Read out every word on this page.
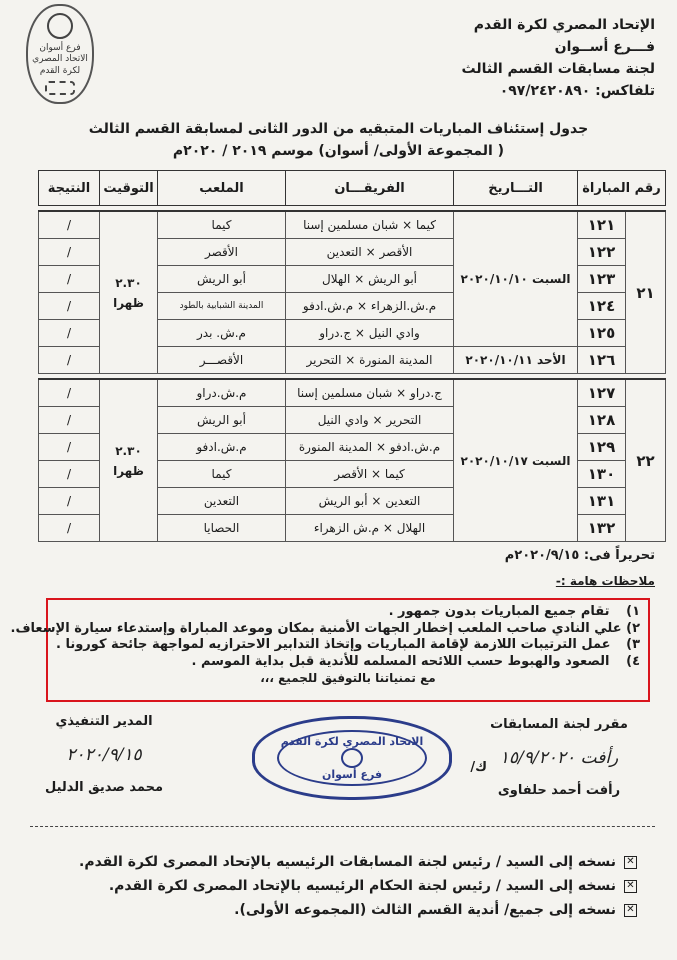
فرع أسوان الاتحاد المصري لكرة القدم
الإتحاد المصري لكرة القدم
فـــرع أســوان
لجنة مسابقات القسم الثالث
تلفاكس: ٠٩٧/٢٤٢٠٨٩٠
جدول إستئناف المباريات المتبقيه من الدور الثانى لمسابقة القسم الثالث
( المجموعة الأولى/ أسوان) موسم ٢٠١٩ / ٢٠٢٠م
رقم المباراة		التـــاريخ	الفريقـــان	الملعب	التوقيت	النتيجة

٢١	١٢١	السبت ٢٠٢٠/١٠/١٠	كيما × شبان مسلمين إسنا	كيما	٢.٣٠ ظهرا	/
	١٢٢		الأقصر × التعدين	الأقصر		/
	١٢٣		أبو الريش × الهلال	أبو الريش		/
	١٢٤		م.ش.الزهراء × م.ش.ادفو	المدينة الشبابية بالطود		/
	١٢٥		وادي النيل × ج.دراو	م.ش. بدر		/
	١٢٦	الأحد ٢٠٢٠/١٠/١١	المدينة المنورة × التحرير	الأقصـــر		/

٢٢	١٢٧	السبت ٢٠٢٠/١٠/١٧	ج.دراو × شبان مسلمين إسنا	م.ش.دراو	٢.٣٠ ظهرا	/
	١٢٨		التحرير × وادي النيل	أبو الريش		/
	١٢٩		م.ش.ادفو × المدينة المنورة	م.ش.ادفو		/
	١٣٠		كيما × الأقصر	كيما		/
	١٣١		التعدين × أبو الريش	التعدين		/
	١٣٢		الهلال × م.ش الزهراء	الحصايا		/
تحريراً فى: ٢٠٢٠/٩/١٥م
ملاحظات هامة :-
١)

تقام جميع المباريات بدون جمهور .
٢)

علي النادي صاحب الملعب إخطار الجهات الأمنية بمكان وموعد المباراة وإستدعاء سيارة الإسعاف.
٣)

عمل الترتيبات اللازمة لإقامة المباريات وإتخاذ التدابير الاحترازيه لمواجهة جائحة كورونا .
٤)

الصعود والهبوط حسب اللائحه المسلمه للأندية قبل بداية الموسم .
مع تمنياتنا بالتوفيق للجميع ،،،
مقرر لجنة المسابقات
رأفت ١٥/٩/٢٠٢٠
رأفت أحمد حلفاوى
ك/
الاتحاد المصري لكرة القدم
فرع أسوان
المدير التنفيذي
٢٠٢٠/٩/١٥
محمد صديق الدليل
✕
نسخه إلى السيد / رئيس لجنة المسابقات الرئيسيه بالإتحاد المصرى لكرة القدم.
✕
نسخه إلى السيد / رئيس لجنة الحكام الرئيسيه بالإتحاد المصرى لكرة القدم.
✕
نسخه إلى جميع/ أندية القسم الثالث (المجموعه الأولى).
